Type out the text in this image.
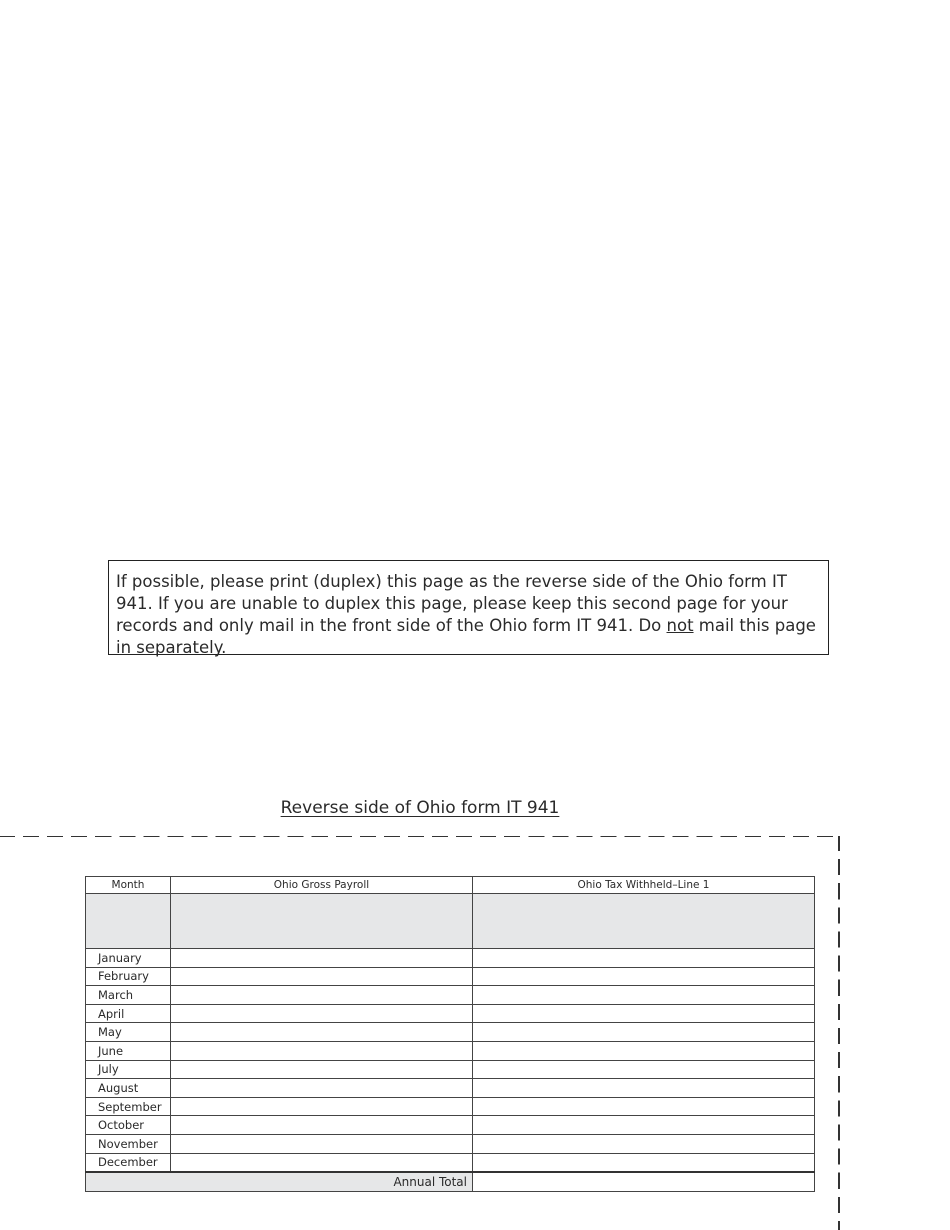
If possible, please print (duplex) this page as the reverse side of the Ohio form IT 941. If you are unable to duplex this page, please keep this second page for your records and only mail in the front side of the Ohio form IT 941. Do not mail this page in separately.
Reverse side of Ohio form IT 941
Month	Ohio Gross Payroll	Ohio Tax Withheld–Line 1

January		
February		
March		
April		
May		
June		
July		
August		
September		
October		
November		
December		
Annual Total		
